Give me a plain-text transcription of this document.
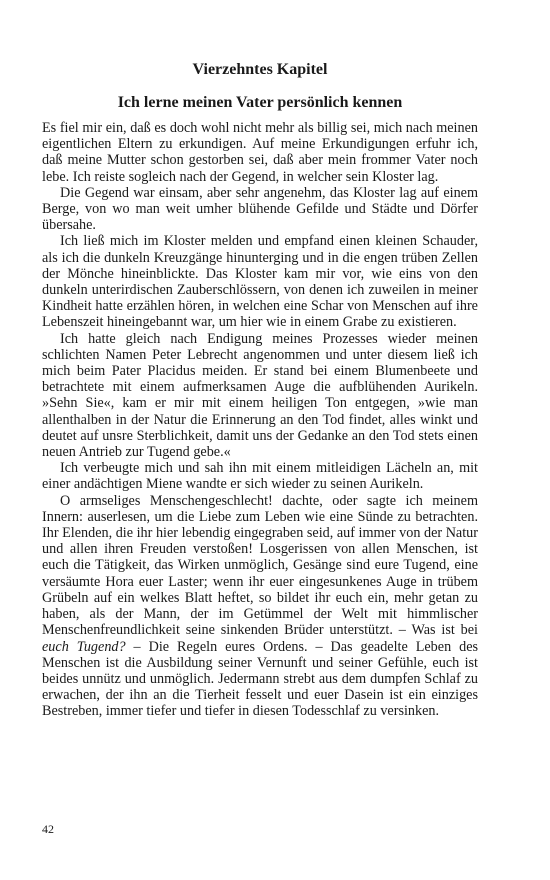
Vierzehntes Kapitel
Ich lerne meinen Vater persönlich kennen

Es fiel mir ein, daß es doch wohl nicht mehr als billig sei, mich nach meinen eigentlichen Eltern zu erkundigen. Auf meine Erkundigungen erfuhr ich, daß meine Mutter schon gestorben sei, daß aber mein frommer Vater noch lebe. Ich reiste sogleich nach der Gegend, in welcher sein Kloster lag.

Die Gegend war einsam, aber sehr angenehm, das Kloster lag auf einem Berge, von wo man weit umher blühende Gefilde und Städte und Dörfer übersahe.

Ich ließ mich im Kloster melden und empfand einen kleinen Schauder, als ich die dunkeln Kreuzgänge hinunterging und in die engen trüben Zellen der Mönche hineinblickte. Das Kloster kam mir vor, wie eins von den dunkeln unterirdischen Zauberschlössern, von denen ich zuweilen in meiner Kindheit hatte erzählen hören, in welchen eine Schar von Menschen auf ihre Lebenszeit hineingebannt war, um hier wie in einem Grabe zu existieren.

Ich hatte gleich nach Endigung meines Prozesses wieder meinen schlichten Namen Peter Lebrecht angenommen und unter diesem ließ ich mich beim Pater Placidus meiden. Er stand bei einem Blumenbeete und betrachtete mit einem aufmerksamen Auge die aufblühenden Aurikeln. »Sehn Sie«, kam er mir mit einem heiligen Ton entgegen, »wie man allenthalben in der Natur die Erinnerung an den Tod findet, alles winkt und deutet auf unsre Sterblichkeit, damit uns der Gedanke an den Tod stets einen neuen Antrieb zur Tugend gebe.«

Ich verbeugte mich und sah ihn mit einem mitleidigen Lächeln an, mit einer andächtigen Miene wandte er sich wieder zu seinen Aurikeln.

O armseliges Menschengeschlecht! dachte, oder sagte ich meinem Innern: auserlesen, um die Liebe zum Leben wie eine Sünde zu betrachten. Ihr Elenden, die ihr hier lebendig eingegraben seid, auf immer von der Natur und allen ihren Freuden verstoßen! Losgerissen von allen Menschen, ist euch die Tätigkeit, das Wirken unmöglich, Gesänge sind eure Tugend, eine versäumte Hora euer Laster; wenn ihr euer eingesunkenes Auge in trübem Grübeln auf ein welkes Blatt heftet, so bildet ihr euch ein, mehr getan zu haben, als der Mann, der im Getümmel der Welt mit himmlischer Menschenfreundlichkeit seine sinkenden Brüder unterstützt. – Was ist bei euch Tugend? – Die Regeln eures Ordens. – Das geadelte Leben des Menschen ist die Ausbildung seiner Vernunft und seiner Gefühle, euch ist beides unnütz und unmöglich. Jedermann strebt aus dem dumpfen Schlaf zu erwachen, der ihn an die Tierheit fesselt und euer Dasein ist ein einziges Bestreben, immer tiefer und tiefer in diesen Todesschlaf zu versinken.

42
